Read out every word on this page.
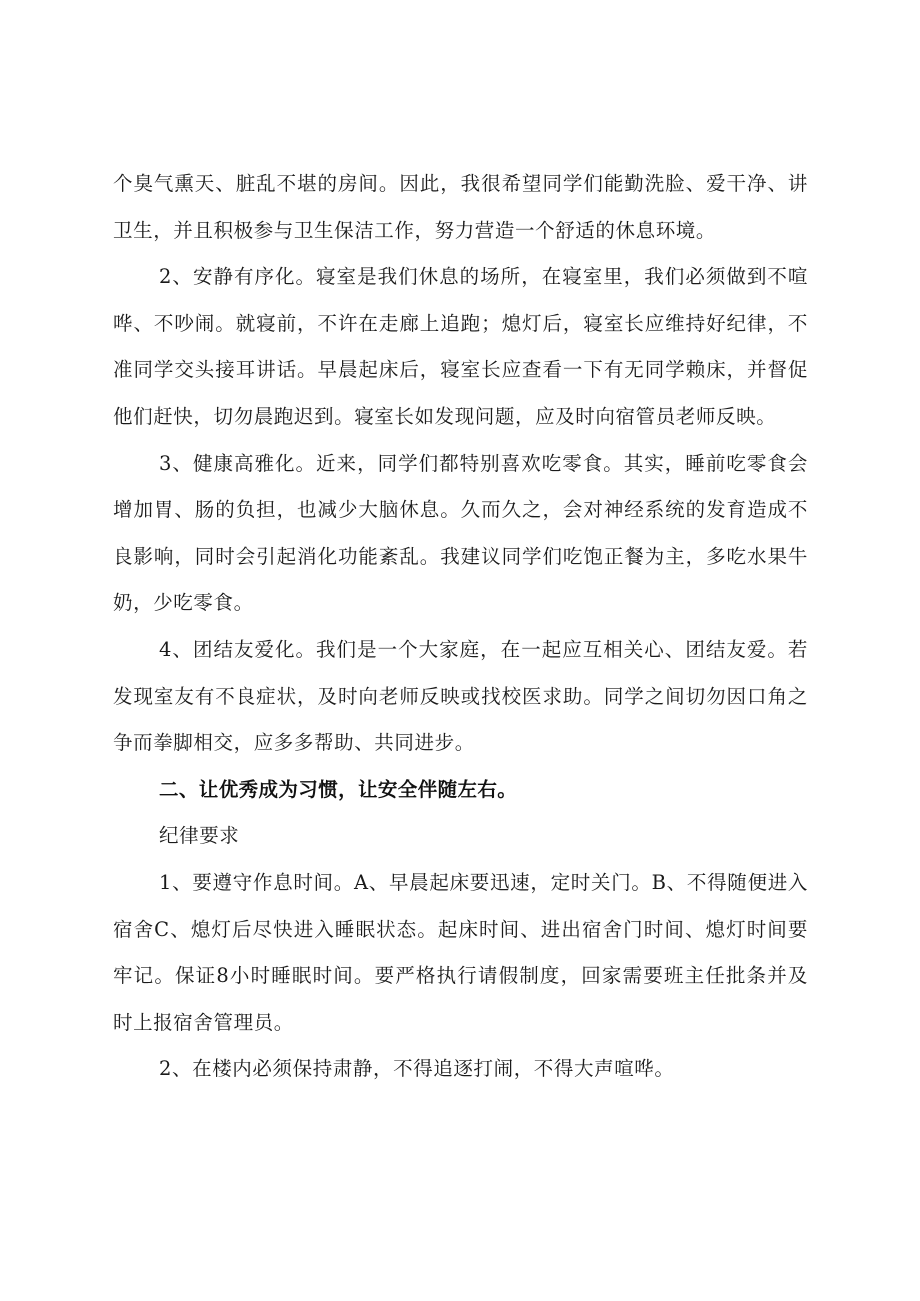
个臭气熏天、脏乱不堪的房间。因此，我很希望同学们能勤洗脸、爱干净、讲卫生，并且积极参与卫生保洁工作，努力营造一个舒适的休息环境。

2、安静有序化。寝室是我们休息的场所，在寝室里，我们必须做到不喧哗、不吵闹。就寝前，不许在走廊上追跑；熄灯后，寝室长应维持好纪律，不准同学交头接耳讲话。早晨起床后，寝室长应查看一下有无同学赖床，并督促他们赶快，切勿晨跑迟到。寝室长如发现问题，应及时向宿管员老师反映。

3、健康高雅化。近来，同学们都特别喜欢吃零食。其实，睡前吃零食会增加胃、肠的负担，也减少大脑休息。久而久之，会对神经系统的发育造成不良影响，同时会引起消化功能紊乱。我建议同学们吃饱正餐为主，多吃水果牛奶，少吃零食。

4、团结友爱化。我们是一个大家庭，在一起应互相关心、团结友爱。若发现室友有不良症状，及时向老师反映或找校医求助。同学之间切勿因口角之争而拳脚相交，应多多帮助、共同进步。

二、让优秀成为习惯，让安全伴随左右。

纪律要求

1、要遵守作息时间。A、早晨起床要迅速，定时关门。B、不得随便进入宿舍C、熄灯后尽快进入睡眠状态。起床时间、进出宿舍门时间、熄灯时间要牢记。保证8小时睡眠时间。要严格执行请假制度，回家需要班主任批条并及时上报宿舍管理员。

2、在楼内必须保持肃静，不得追逐打闹，不得大声喧哗。
